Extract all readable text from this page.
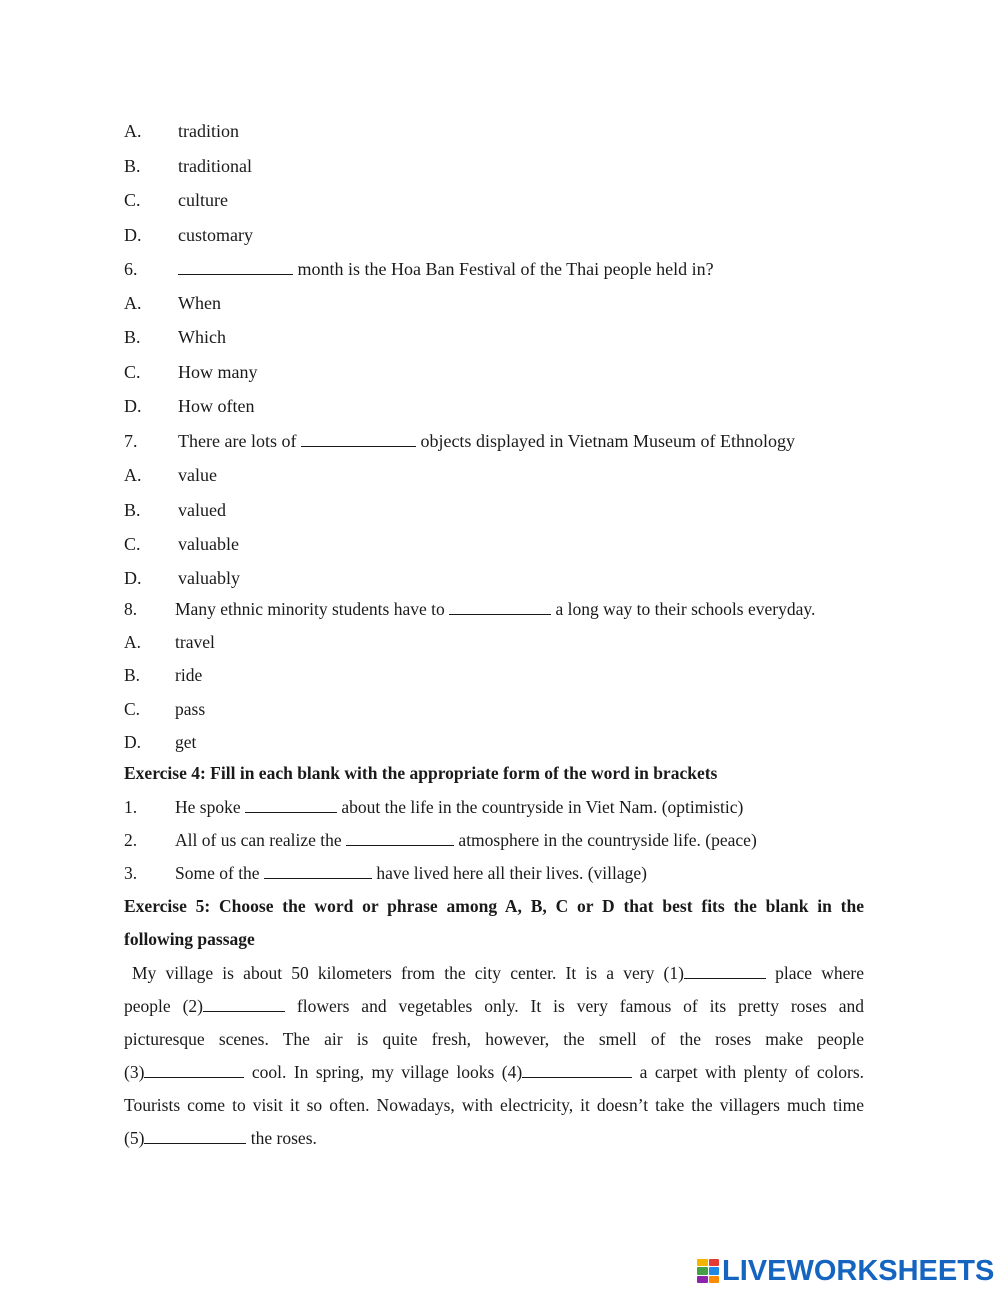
A. tradition
B. traditional
C. culture
D. customary
6.	month is the Hoa Ban Festival of the Thai people held in?
A. When
B. Which
C. How many
D. How often
7. There are lots of	objects displayed in Vietnam Museum of Ethnology
A. value
B. valued
C. valuable
D. valuably
8. Many ethnic minority students have to	a long way to their schools everyday.
A. travel
B. ride
C. pass
D. get
Exercise 4: Fill in each blank with the appropriate form of the word in brackets
1. He spoke	about the life in the countryside in Viet Nam. (optimistic)
2. All of us can realize the	atmosphere in the countryside life. (peace)
3. Some of the	have lived here all their lives. (village)
Exercise 5: Choose the word or phrase among A, B, C or D that best fits the blank in the
following passage
My village is about 50 kilometers from the city center. It is a very (1)	place where
people (2)	flowers and vegetables only. It is very famous of its pretty roses and
picturesque scenes. The air is quite fresh, however, the smell of the roses make people
(3)	cool. In spring, my village looks (4)	a carpet with plenty of colors.
Tourists come to visit it so often. Nowadays, with electricity, it doesn’t take the villagers much time
(5)	the roses.
LIVEWORKSHEETS
